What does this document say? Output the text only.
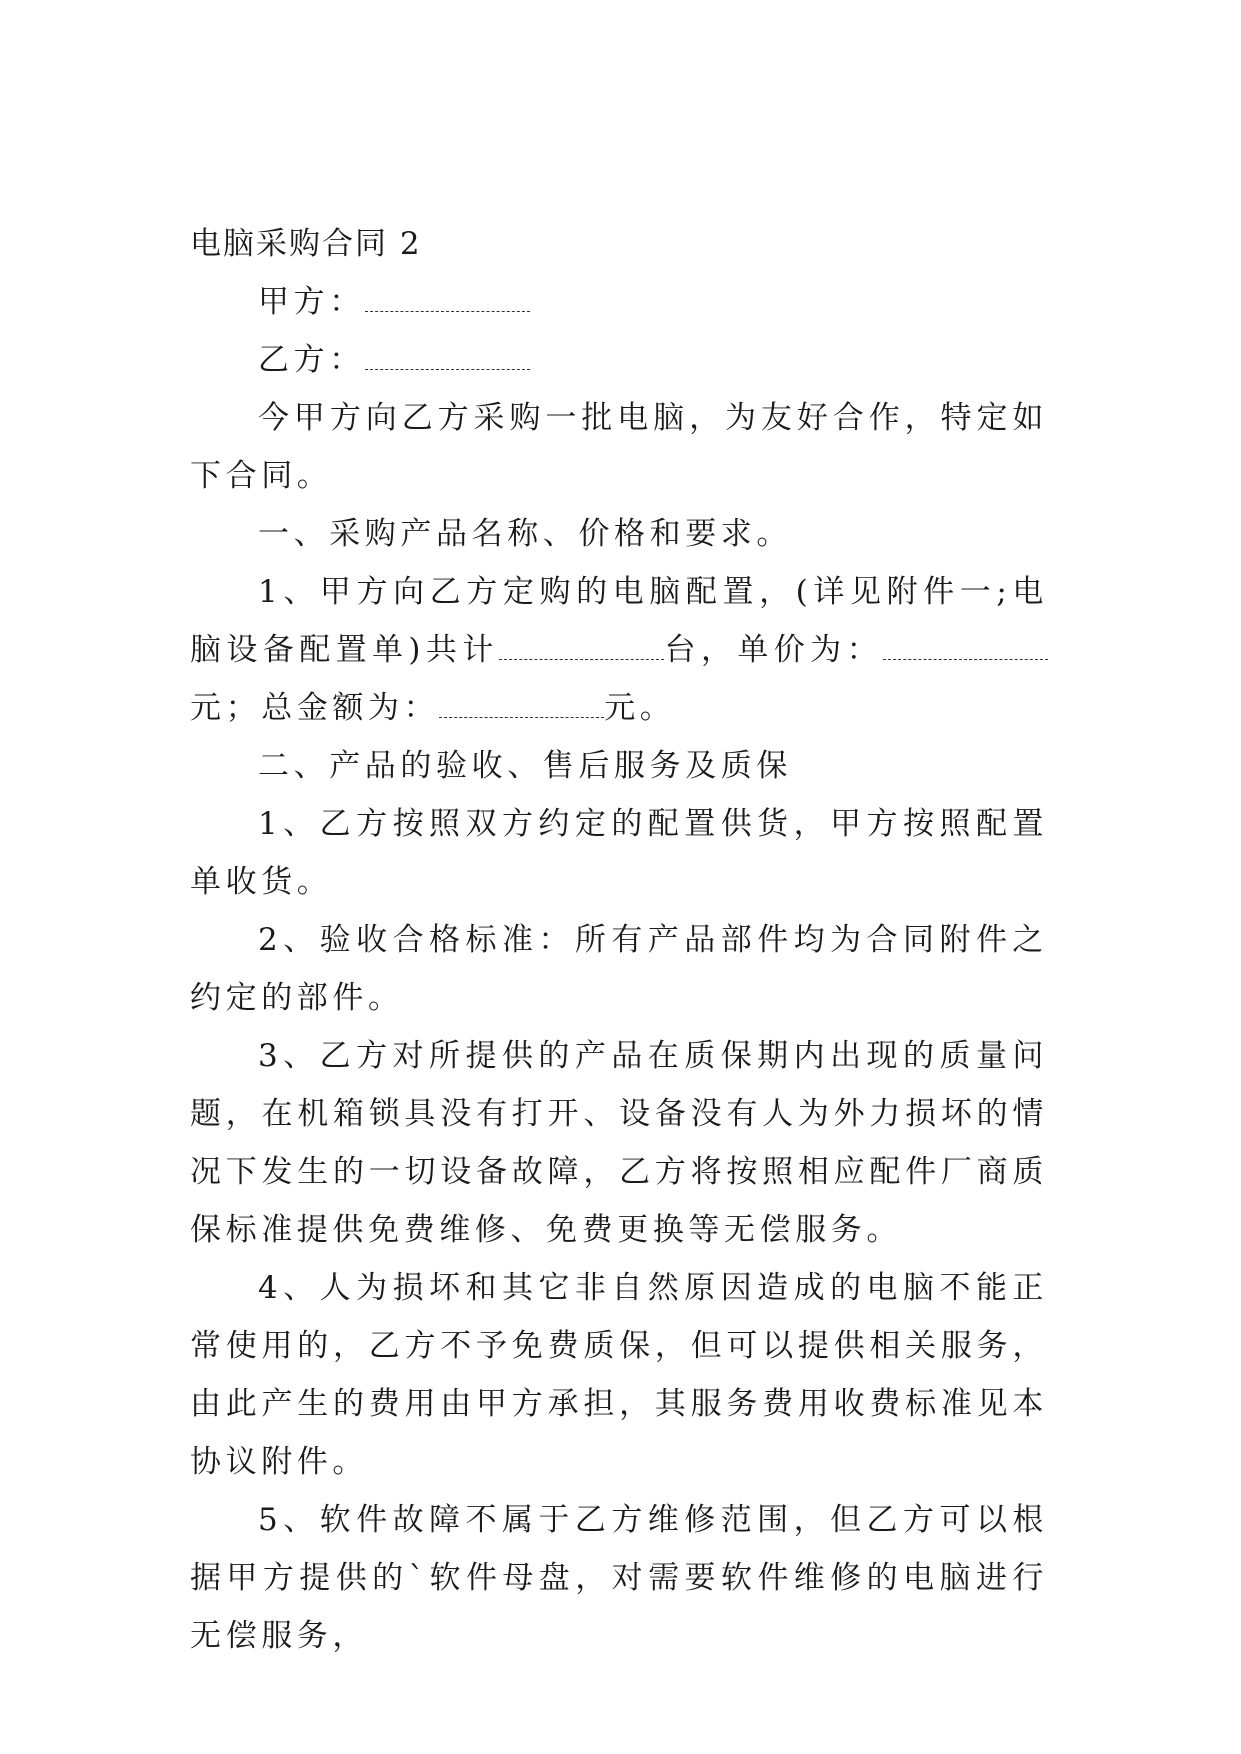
电脑采购合同 2

甲方：

乙方：

今甲方向乙方采购一批电脑，为友好合作，特定如下合同。

一、采购产品名称、价格和要求。

1、甲方向乙方定购的电脑配置，(详见附件一;电脑设备配置单)共计	台，单价为：元；总金额为：	元。

二、产品的验收、售后服务及质保

1、乙方按照双方约定的配置供货，甲方按照配置单收货。

2、验收合格标准：所有产品部件均为合同附件之约定的部件。

3、乙方对所提供的产品在质保期内出现的质量问题，在机箱锁具没有打开、设备没有人为外力损坏的情况下发生的一切设备故障，乙方将按照相应配件厂商质保标准提供免费维修、免费更换等无偿服务。

4、人为损坏和其它非自然原因造成的电脑不能正常使用的，乙方不予免费质保，但可以提供相关服务，由此产生的费用由甲方承担，其服务费用收费标准见本协议附件。

5、软件故障不属于乙方维修范围，但乙方可以根据甲方提供的`软件母盘，对需要软件维修的电脑进行无偿服务，
